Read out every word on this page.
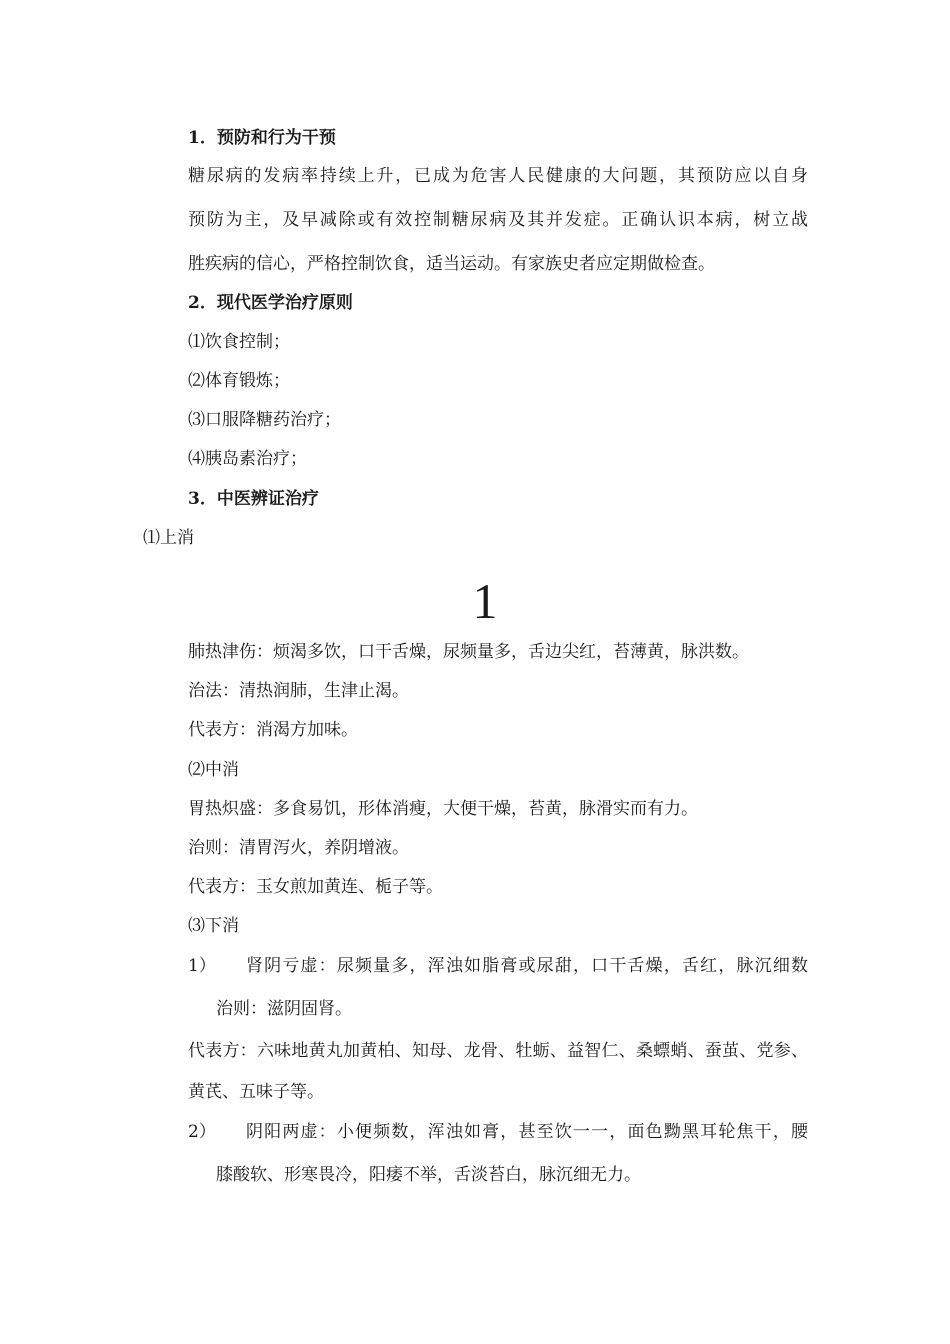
1．预防和行为干预
糖尿病的发病率持续上升，已成为危害人民健康的大问题，其预防应以自身
预防为主，及早减除或有效控制糖尿病及其并发症。正确认识本病，树立战
胜疾病的信心，严格控制饮食，适当运动。有家族史者应定期做检查。
2．现代医学治疗原则
⑴饮食控制；
⑵体育锻炼；
⑶口服降糖药治疗；
⑷胰岛素治疗；
3．中医辨证治疗
⑴上消
1
肺热津伤：烦渴多饮，口干舌燥，尿频量多，舌边尖红，苔薄黄，脉洪数。
治法：清热润肺，生津止渴。
代表方：消渴方加味。
⑵中消
胃热炽盛：多食易饥，形体消瘦，大便干燥，苔黄，脉滑实而有力。
治则：清胃泻火，养阴增液。
代表方：玉女煎加黄连、栀子等。
⑶下消
1） 肾阴亏虚：尿频量多，浑浊如脂膏或尿甜，口干舌燥，舌红，脉沉细数
治则：滋阴固肾。
代表方：六味地黄丸加黄柏、知母、龙骨、牡蛎、益智仁、桑螵蛸、蚕茧、党参、
黄芪、五味子等。
2） 阴阳两虚：小便频数，浑浊如膏，甚至饮一一，面色黝黑耳轮焦干，腰
膝酸软、形寒畏冷，阳痿不举，舌淡苔白，脉沉细无力。
